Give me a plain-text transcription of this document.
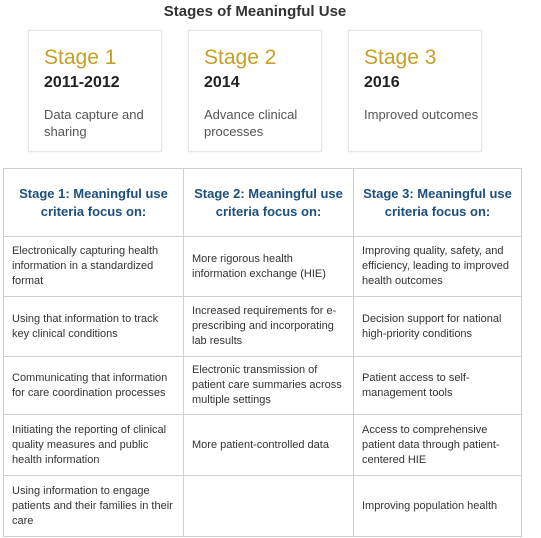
Stages of Meaningful Use
Stage 1
2011-2012
Data capture and sharing
Stage 2
2014
Advance clinical processes
Stage 3
2016
Improved outcomes
Stage 1: Meaningful use criteria focus on:	Stage 2: Meaningful use criteria focus on:	Stage 3: Meaningful use criteria focus on:
Electronically capturing health information in a standardized format	More rigorous health information exchange (HIE)	Improving quality, safety, and efficiency, leading to improved health outcomes
Using that information to track key clinical conditions	Increased requirements for e-prescribing and incorporating lab results	Decision support for national high-priority conditions
Communicating that information for care coordination processes	Electronic transmission of patient care summaries across multiple settings	Patient access to self-management tools
Initiating the reporting of clinical quality measures and public health information	More patient-controlled data	Access to comprehensive patient data through patient-centered HIE
Using information to engage patients and their families in their care		Improving population health
